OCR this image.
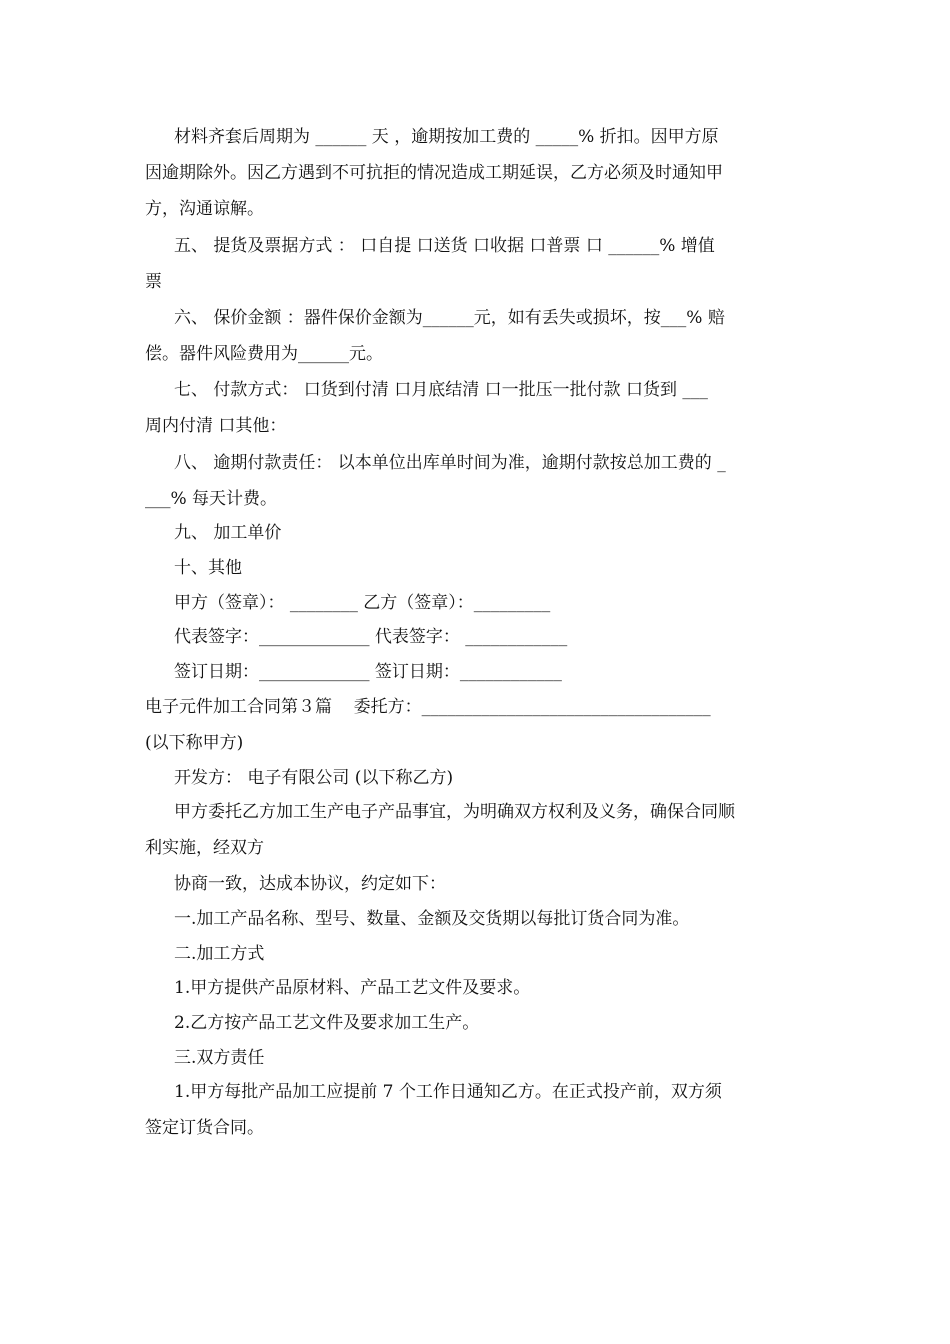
材料齐套后周期为 ______ 天 ，逾期按加工费的 _____% 折扣。因甲方原
因逾期除外。因乙方遇到不可抗拒的情况造成工期延误，乙方必须及时通知甲
方，沟通谅解。
五、 提货及票据方式 ： 口自提 口送货 口收据 口普票 口 ______% 增值
票
六、 保价金额 ：器件保价金额为______元，如有丢失或损坏，按___% 赔
偿。器件风险费用为______元。
七、 付款方式： 口货到付清 口月底结清 口一批压一批付款 口货到 ___
周内付清 口其他：
八、 逾期付款责任： 以本单位出库单时间为准，逾期付款按总加工费的 _
___% 每天计费。
九、 加工单价
十、其他
甲方（签章）： ________ 乙方（签章）：_________
代表签字：_____________ 代表签字： ____________
签订日期：_____________ 签订日期：____________
电子元件加工合同第３篇    委托方：__________________________________
(以下称甲方)
开发方： 电子有限公司 (以下称乙方)
甲方委托乙方加工生产电子产品事宜，为明确双方权利及义务，确保合同顺
利实施，经双方
协商一致，达成本协议，约定如下：
一.加工产品名称、型号、数量、金额及交货期以每批订货合同为准。
二.加工方式
1.甲方提供产品原材料、产品工艺文件及要求。
2.乙方按产品工艺文件及要求加工生产。
三.双方责任
1.甲方每批产品加工应提前 7 个工作日通知乙方。在正式投产前，双方须
签定订货合同。
